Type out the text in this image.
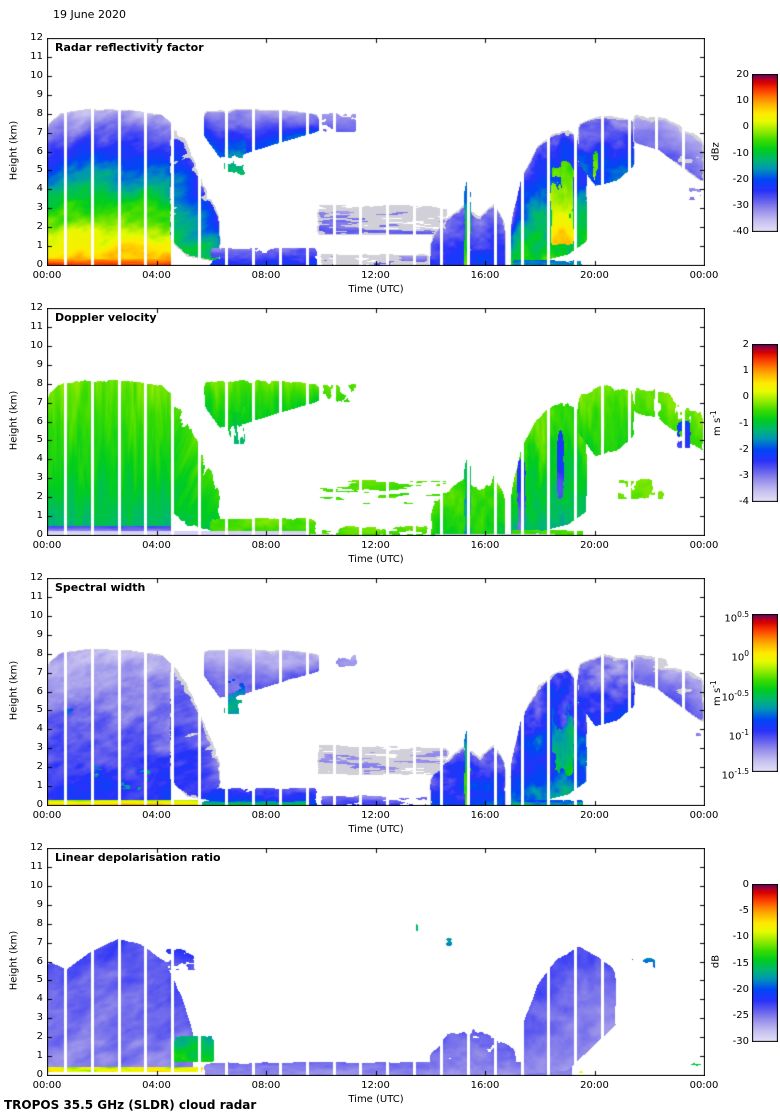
19 June 2020
Radar reflectivity factor
0
1
2
3
4
5
6
7
8
9
10
11
12
00:00	04:00	08:00	12:00	16:00	20:00	00:00
Height (km)
Time (UTC)
20
10
0
-10
-20
-30
-40
dBz
Doppler velocity
0
1
2
3
4
5
6
7
8
9
10
11
12
00:00	04:00	08:00	12:00	16:00	20:00	00:00
Height (km)
Time (UTC)
2
1
0
-1
-2
-3
-4
m $s^{-1}$
Spectral width
0
1
2
3
4
5
6
7
8
9
10
11
12
00:00	04:00	08:00	12:00	16:00	20:00	00:00
Height (km)
Time (UTC)
$10^{0.5}$
$10^0$
$10^{-0.5}$
$10^{-1}$
$10^{-1.5}$
m $s^{-1}$
Linear depolarisation ratio
0
1
2
3
4
5
6
7
8
9
10
11
12
00:00	04:00	08:00	12:00	16:00	20:00	00:00
Height (km)
Time (UTC)
0
-5
-10
-15
-20
-25
-30
dB
TROPOS 35.5 GHz (SLDR) cloud radar
